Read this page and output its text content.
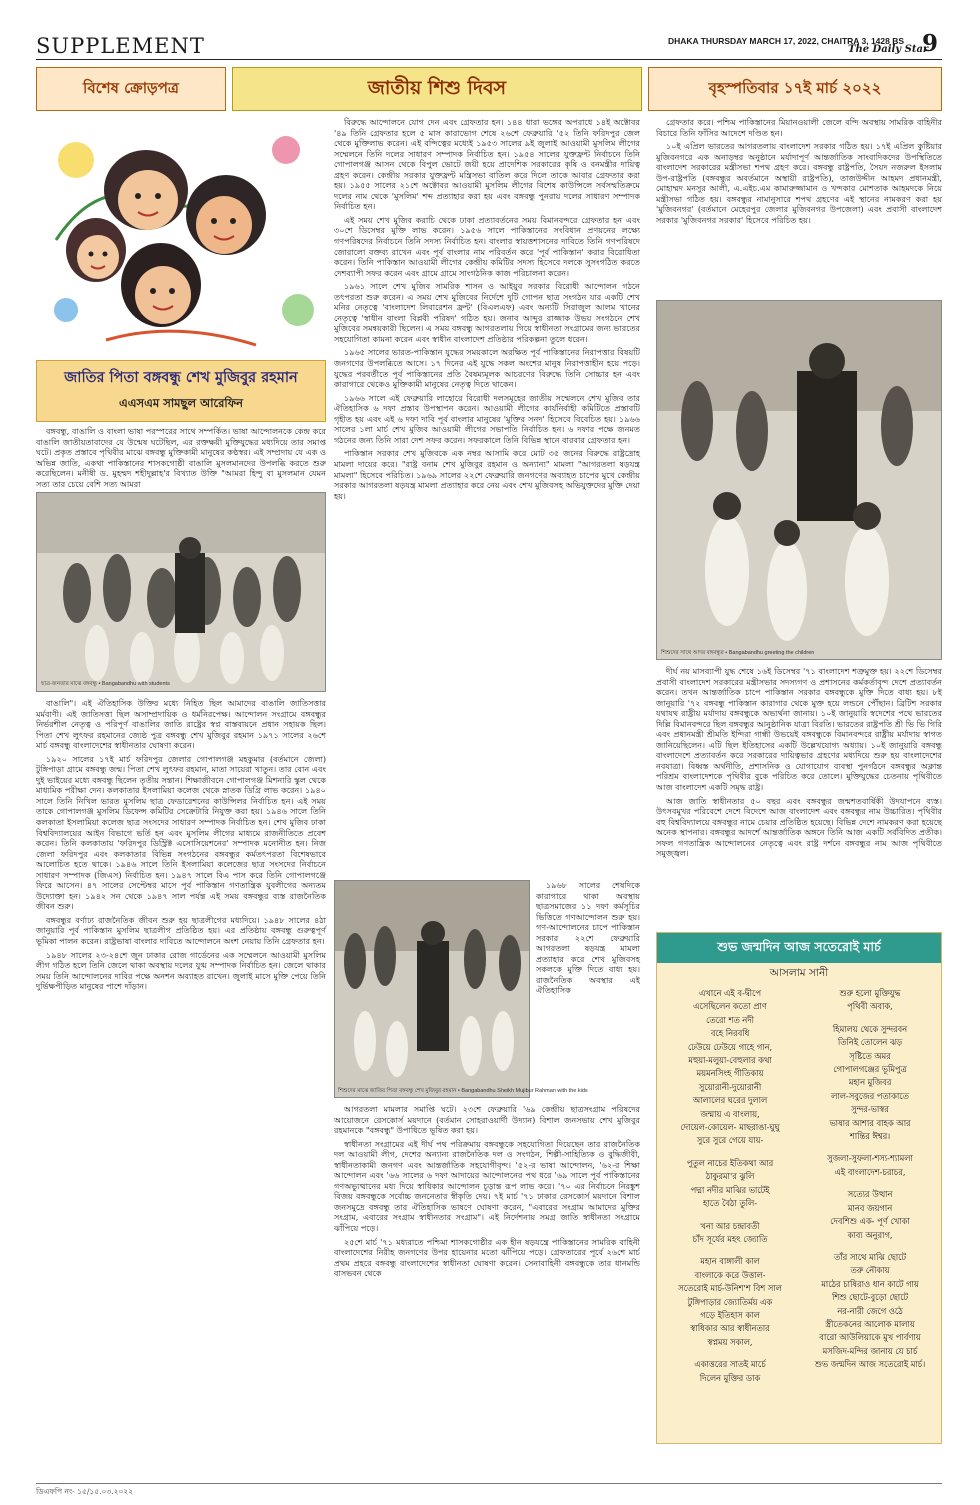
SUPPLEMENT	DHAKA THURSDAY MARCH 17, 2022, CHAITRA 3, 1428 BS
The Daily Star
9
বিশেষ ক্রোড়পত্র	জাতীয় শিশু দিবস	বৃহস্পতিবার ১৭ই মার্চ ২০২২
জাতির পিতা বঙ্গবন্ধু শেখ মুজিবুর রহমান
এএসএম সামছুল আরেফিন

বঙ্গবন্ধু, বাঙালি ও বাংলা ভাষা পরস্পরের সাথে সম্পর্কিত। ভাষা আন্দোলনকে কেন্দ্র করে বাঙালি জাতীয়তাবাদের যে উন্মেষ ঘটেছিল, এর রক্তক্ষয়ী মুক্তিযুদ্ধের মধ্যদিয়ে তার সমাপ্ত ঘটে। প্রকৃত প্রস্তাবে পৃথিবীর মাঝে বঙ্গবন্ধু মুক্তিকামী মানুষের কণ্ঠস্বর। এই সম্প্রদায় যে এক ও অভিন্ন জাতি, একথা পাকিস্তানের শাসকগোষ্ঠী বাঙালি মুসলমানদের উপলব্ধি করতে শুরু করেছিলেন। মনীষী ড. মুহম্মদ শহীদুল্লাহ'র বিখ্যাত উক্তি "আমরা হিন্দু বা মুসলমান যেমন সত্য তার চেয়ে বেশি সত্য আমরা

ছাত্র-জনতার মাঝে বঙ্গবন্ধু • Bangabandhu with students

বাঙালি"। এই ঐতিহাসিক উক্তির মধ্যে নিহিত ছিল আমাদের বাঙালি জাতিসত্তার মর্মবাণী। এই জাতিসত্তা ছিল অসাম্প্রদায়িক ও ধর্মনিরপেক্ষ। আন্দোলন সংগ্রামে বঙ্গবন্ধুর নির্ভরশীল নেতৃত্ব ও পরিপূর্ণ বাঙালির জাতি রাষ্ট্রের স্বপ্ন বাস্তবায়নে প্রধান সহায়ক ছিল। পিতা শেখ লুৎফর রহমানের জ্যেষ্ঠ পুত্র বঙ্গবন্ধু শেখ মুজিবুর রহমান ১৯৭১ সালের ২৬শে মার্চ বঙ্গবন্ধু বাংলাদেশের স্বাধীনতার ঘোষণা করেন।

১৯২০ সালের ১৭ই মার্চ ফরিদপুর জেলার গোপালগঞ্জ মহকুমার (বর্তমানে জেলা) টুঙ্গিপাড়া গ্রামে বঙ্গবন্ধু জন্ম। পিতা শেখ লুৎফর রহমান, মাতা সায়েরা খাতুন। তার বোন এবং দুই ভাইয়ের মধ্যে বঙ্গবন্ধু ছিলেন তৃতীয় সন্তান। শিক্ষাজীবনে গোপালগঞ্জ মিশনারি স্কুল থেকে মাধ্যমিক পরীক্ষা দেন। কলকাতার ইসলামিয়া কলেজ থেকে স্নাতক ডিগ্রি লাভ করেন। ১৯৪০ সালে তিনি নিখিল ভারত মুসলিম ছাত্র ফেডারেশনের কাউন্সিলর নির্বাচিত হন। এই সময় তাকে গোপালগঞ্জ মুসলিম ডিফেন্স কমিটির সেক্রেটারি নিযুক্ত করা হয়। ১৯৪৬ সালে তিনি কলকাতা ইসলামিয়া কলেজ ছাত্র সংসদের সাধারণ সম্পাদক নির্বাচিত হন। শেখ মুজিব ঢাকা বিশ্ববিদ্যালয়ের আইন বিভাগে ভর্তি হন এবং মুসলিম লীগের মাধ্যমে রাজনীতিতে প্রবেশ করেন। তিনি কলকাতায় 'ফরিদপুর ডিস্ট্রিক্ট এসোসিয়েশনের' সম্পাদক মনোনীত হন। নিজ জেলা ফরিদপুর এবং কলকাতার বিভিন্ন সংগঠনের বঙ্গবন্ধুর কর্মতৎপরতা বিশেষভাবে আলোচিত হতে থাকে। ১৯৪৬ সালে তিনি ইসলামিয়া কলেজের ছাত্র সংসদের নির্বাচনে সাধারণ সম্পাদক (জিএস) নির্বাচিত হন। ১৯৪৭ সালে বিএ পাস করে তিনি গোপালগঞ্জে ফিরে আসেন। ৪৭ সালের সেপ্টেম্বর মাসে পূর্ব পাকিস্তান গণতান্ত্রিক যুবলীগের অন্যতম উদ্যোক্তা হন। ১৯৪২ সন থেকে ১৯৪৭ সাল পর্যন্ত এই সময় বঙ্গবন্ধুর ব্যস্ত রাজনৈতিক জীবন শুরু।

বঙ্গবন্ধুর বর্ণাঢ্য রাজনৈতিক জীবন শুরু হয় ছাত্রলীগের মধ্যদিয়ে। ১৯৪৮ সালের ৪ঠা জানুয়ারি পূর্ব পাকিস্তান মুসলিম ছাত্রলীগ প্রতিষ্ঠিত হয়। এর প্রতিষ্ঠায় বঙ্গবন্ধু গুরুত্বপূর্ণ ভূমিকা পালন করেন। রাষ্ট্রভাষা বাংলার দাবিতে আন্দোলনে অংশ নেয়ায় তিনি গ্রেফতার হন।

১৯৪৮ সালের ২৩-২৪শে জুন ঢাকার রোজ গার্ডেনের এক সম্মেলনে আওয়ামী মুসলিম লীগ গঠিত হলে তিনি জেলে থাকা অবস্থায় দলের যুগ্ম সম্পাদক নির্বাচিত হন। জেলে থাকার সময় তিনি আন্দোলনের দাবির পক্ষে অনশন অব্যাহত রাখেন। জুলাই মাসে মুক্তি পেয়ে তিনি দুর্ভিক্ষপীড়িত মানুষের পাশে দাঁড়ান।

বিরুদ্ধে আন্দোলনে যোগ দেন এবং গ্রেফতার হন। ১৪৪ ধারা ভঙ্গের অপরাধে ১৪ই অক্টোবর '৪৯ তিনি গ্রেফতার হলে ৫ মাস কারাভোগ শেষে ২৬শে ফেব্রুয়ারি '৫২ তিনি ফরিদপুর জেল থেকে মুক্তিলাভ করেন। এই বন্দিত্বের মধ্যেই ১৯৫৩ সালের ৯ই জুলাই আওয়ামী মুসলিম লীগের সম্মেলনে তিনি দলের সাধারণ সম্পাদক নির্বাচিত হন। ১৯৫৪ সালের যুক্তফ্রন্ট নির্বাচনে তিনি গোপালগঞ্জ আসন থেকে বিপুল ভোটে জয়ী হয়ে প্রাদেশিক সরকারের কৃষি ও বনমন্ত্রীর দায়িত্ব গ্রহণ করেন। কেন্দ্রীয় সরকার যুক্তফ্রন্ট মন্ত্রিসভা বাতিল করে দিলে তাকে আবার গ্রেফতার করা হয়। ১৯৫৫ সালের ২১শে অক্টোবর আওয়ামী মুসলিম লীগের বিশেষ কাউন্সিলে সর্বসম্মতিক্রমে দলের নাম থেকে 'মুসলিম' শব্দ প্রত্যাহার করা হয় এবং বঙ্গবন্ধু পুনরায় দলের সাধারণ সম্পাদক নির্বাচিত হন।

এই সময় শেখ মুজিব করাচি থেকে ঢাকা প্রত্যাবর্তনের সময় বিমানবন্দরে গ্রেফতার হন এবং ৩০শে ডিসেম্বর মুক্তি লাভ করেন। ১৯৫৬ সালে পাকিস্তানের সংবিধান প্রণয়নের লক্ষ্যে গণপরিষদের নির্বাচনে তিনি সদস্য নির্বাচিত হন। বাংলার স্বায়ত্তশাসনের দাবিতে তিনি গণপরিষদে জোরালো বক্তব্য রাখেন এবং পূর্ব বাংলার নাম পরিবর্তন করে 'পূর্ব পাকিস্তান' করার বিরোধিতা করেন। তিনি পাকিস্তান আওয়ামী লীগের কেন্দ্রীয় কমিটির সদস্য হিসেবে দলকে সুসংগঠিত করতে দেশব্যাপী সফর করেন এবং গ্রামে গ্রামে সাংগঠনিক কাজ পরিচালনা করেন।

১৯৬১ সালে শেখ মুজিব সামরিক শাসন ও আইয়ুব সরকার বিরোধী আন্দোলন গঠনে তৎপরতা শুরু করেন। এ সময় শেখ মুজিবের নির্দেশে দুটি গোপন ছাত্র সংগঠন যার একটি শেখ মনির নেতৃত্বে 'বাংলাদেশ লিবারেশন ফ্রন্ট' (বিএলএফ) এবং অন্যটি সিরাজুল আলম খানের নেতৃত্বে 'স্বাধীন বাংলা বিপ্লবী পরিষদ' গঠিত হয়। জনাব আব্দুর রাজ্জাক উভয় সংগঠনে শেখ মুজিবের সমন্বয়কারী ছিলেন। এ সময় বঙ্গবন্ধু আগরতলায় গিয়ে স্বাধীনতা সংগ্রামের জন্য ভারতের সহযোগিতা কামনা করেন এবং স্বাধীন বাংলাদেশ প্রতিষ্ঠার পরিকল্পনা তুলে ধরেন।

১৯৬৫ সালের ভারত-পাকিস্তান যুদ্ধের সময়কালে অরক্ষিত পূর্ব পাকিস্তানের নিরাপত্তার বিষয়টি জনগণের উপলব্ধিতে আসে। ১৭ দিনের এই যুদ্ধে সকল অংশের মানুষ নিরাপত্তাহীন হয়ে পড়ে। যুদ্ধের পরবর্তীতে পূর্ব পাকিস্তানের প্রতি বৈষম্যমূলক আচরণের বিরুদ্ধে তিনি সোচ্চার হন এবং কারাগারে থেকেও মুক্তিকামী মানুষের নেতৃত্ব দিতে থাকেন।

১৯৬৬ সালে এই ফেব্রুয়ারি লাহোরে বিরোধী দলসমূহের জাতীয় সম্মেলনে শেখ মুজিব তার ঐতিহাসিক ৬ দফা প্রস্তাব উপস্থাপন করেন। আওয়ামী লীগের কার্যনির্বাহী কমিটিতে প্রস্তাবটি গৃহীত হয় এবং এই ৬ দফা দাবি পূর্ব বাংলার মানুষের 'মুক্তির সনদ' হিসেবে বিবেচিত হয়। ১৯৬৬ সালের ১লা মার্চ শেখ মুজিব আওয়ামী লীগের সভাপতি নির্বাচিত হন। ৬ দফার পক্ষে জনমত গঠনের জন্য তিনি সারা দেশ সফর করেন। সফরকালে তিনি বিভিন্ন স্থানে বারবার গ্রেফতার হন।

পাকিস্তান সরকার শেখ মুজিবকে এক নম্বর আসামি করে মোট ৩৫ জনের বিরুদ্ধে রাষ্ট্রদ্রোহ মামলা দায়ের করে। "রাষ্ট্র বনাম শেখ মুজিবুর রহমান ও অন্যান্য" মামলা "আগরতলা ষড়যন্ত্র মামলা" হিসেবে পরিচিত। ১৯৬৯ সালের ২২শে ফেব্রুয়ারি জনগণের অব্যাহত চাপের মুখে কেন্দ্রীয় সরকার আগরতলা ষড়যন্ত্র মামলা প্রত্যাহার করে নেয় এবং শেখ মুজিবসহ অভিযুক্তদের মুক্তি দেয়া হয়।

১৯৬৮ সালের শেষদিকে কারাগারে থাকা অবস্থায় ছাত্রসমাজের ১১ দফা কর্মসূচির ভিত্তিতে গণআন্দোলন শুরু হয়। গণ-আন্দোলনের চাপে পাকিস্তান সরকার ২২শে ফেব্রুয়ারি আগরতলা ষড়যন্ত্র মামলা প্রত্যাহার করে শেখ মুজিবসহ সকলকে মুক্তি দিতে বাধ্য হয়। রাজনৈতিক অবস্থার এই ঐতিহাসিক

শিশুদের মাঝে জাতির পিতা বঙ্গবন্ধু শেখ মুজিবুর রহমান • Bangabandhu Sheikh Mujibur Rahman with the kids

আগরতলা মামলার সমাপ্তি ঘটে। ২৩শে ফেব্রুয়ারি '৬৯ কেন্দ্রীয় ছাত্রসংগ্রাম পরিষদের আয়োজনে রেসকোর্স ময়দানে (বর্তমান সোহরাওয়ার্দী উদ্যান) বিশাল জনসভায় শেখ মুজিবুর রহমানকে "বঙ্গবন্ধু" উপাধিতে ভূষিত করা হয়।

স্বাধীনতা সংগ্রামের এই দীর্ঘ পথ পরিক্রমায় বঙ্গবন্ধুকে সহযোগিতা দিয়েছেন তার রাজনৈতিক দল আওয়ামী লীগ, দেশের অন্যান্য রাজনৈতিক দল ও সংগঠন, শিল্পী-সাহিত্যিক ও বুদ্ধিজীবী, স্বাধীনতাকামী জনগণ এবং আন্তর্জাতিক সহযোগীবৃন্দ। '৫২-র ভাষা আন্দোলন, '৬২-র শিক্ষা আন্দোলন এবং '৬৬ সালের ৬ দফা আদায়ের আন্দোলনের পথ ধরে '৬৯ সালে পূর্ব পাকিস্তানের গণঅভ্যুত্থানের মধ্য দিয়ে স্বাধিকার আন্দোলন চূড়ান্ত রূপ লাভ করে। '৭০ এর নির্বাচনে নিরঙ্কুশ বিজয় বঙ্গবন্ধুকে সর্বোচ্চ জননেতার স্বীকৃতি দেয়। ৭ই মার্চ '৭১ ঢাকার রেসকোর্স ময়দানে বিশাল জনসমুদ্রে বঙ্গবন্ধু তার ঐতিহাসিক ভাষণে ঘোষণা করেন, "এবারের সংগ্রাম আমাদের মুক্তির সংগ্রাম, এবারের সংগ্রাম স্বাধীনতার সংগ্রাম"। এই নির্দেশনায় সমগ্র জাতি স্বাধীনতা সংগ্রামে ঝাঁপিয়ে পড়ে।

২৫শে মার্চ '৭১ মধ্যরাতে পশ্চিমা শাসকগোষ্ঠীর এক হীন ষড়যন্ত্রে পাকিস্তানের সামরিক বাহিনী বাংলাদেশের নিরীহ জনগণের উপর হায়েনার মতো ঝাঁপিয়ে পড়ে। গ্রেফতারের পূর্বে ২৬শে মার্চ প্রথম প্রহরে বঙ্গবন্ধু বাংলাদেশের স্বাধীনতা ঘোষণা করেন। সেনাবাহিনী বঙ্গবন্ধুকে তার ধানমন্ডি বাসভবন থেকে

গ্রেফতার করে। পশ্চিম পাকিস্তানের মিয়ানওয়ালী জেলে বন্দি অবস্থায় সামরিক বাহিনীর বিচারে তিনি ফাঁসির আদেশে দণ্ডিত হন।

১০ই এপ্রিল ভারতের আগরতলায় বাংলাদেশ সরকার গঠিত হয়। ১৭ই এপ্রিল কুষ্টিয়ার মুজিবনগরে এক অনাড়ম্বর অনুষ্ঠানে মর্যাদাপূর্ণ আন্তর্জাতিক সাংবাদিকদের উপস্থিতিতে বাংলাদেশ সরকারের মন্ত্রীসভা শপথ গ্রহণ করে। বঙ্গবন্ধু রাষ্ট্রপতি, সৈয়দ নজরুল ইসলাম উপ-রাষ্ট্রপতি (বঙ্গবন্ধুর অবর্তমানে অস্থায়ী রাষ্ট্রপতি), তাজউদ্দীন আহমদ প্রধানমন্ত্রী, মোহাম্মদ মনসুর আলী, এ.এইচ.এম কামারুজ্জামান ও খন্দকার মোশতাক আহমদকে নিয়ে মন্ত্রীসভা গঠিত হয়। বঙ্গবন্ধুর নামানুসারে শপথ গ্রহণের এই স্থানের নামকরণ করা হয় 'মুজিবনগর' (বর্তমানে মেহেরপুর জেলার মুজিবনগর উপজেলা) এবং প্রবাসী বাংলাদেশ সরকার 'মুজিবনগর সরকার' হিসেবে পরিচিত হয়।

শিশুদের সাথে আদর বঙ্গবন্ধুর • Bangabandhu greeting the children

দীর্ঘ নয় মাসব্যাপী যুদ্ধ শেষে ১৬ই ডিসেম্বর '৭১ বাংলাদেশ শত্রুমুক্ত হয়। ২২শে ডিসেম্বর প্রবাসী বাংলাদেশ সরকারের মন্ত্রীসভার সদস্যগণ ও প্রশাসনের কর্মকর্তাবৃন্দ দেশে প্রত্যাবর্তন করেন। তখন আন্তর্জাতিক চাপে পাকিস্তান সরকার বঙ্গবন্ধুকে মুক্তি দিতে বাধ্য হয়। ৮ই জানুয়ারি '৭২ বঙ্গবন্ধু পাকিস্তান কারাগার থেকে মুক্ত হয়ে লন্ডনে পৌঁছান। ব্রিটিশ সরকার যথাযথ রাষ্ট্রীয় মর্যাদায় বঙ্গবন্ধুকে অভ্যর্থনা জানায়। ১০ই জানুয়ারি স্বদেশের পথে ভারতের দিল্লি বিমানবন্দরে ছিল বঙ্গবন্ধুর আনুষ্ঠানিক যাত্রা বিরতি। ভারতের রাষ্ট্রপতি শ্রী ভি ভি গিরি এবং প্রধানমন্ত্রী শ্রীমতি ইন্দিরা গান্ধী উভয়েই বঙ্গবন্ধুকে বিমানবন্দরে রাষ্ট্রীয় মর্যাদায় স্বাগত জানিয়েছিলেন। এটি ছিল ইতিহাসের একটি উল্লেখযোগ্য অধ্যায়। ১০ই জানুয়ারি বঙ্গবন্ধু বাংলাদেশে প্রত্যাবর্তন করে সরকারের দায়িত্বভার গ্রহণের মধ্যদিয়ে শুরু হয় বাংলাদেশের নবযাত্রা। বিধ্বস্ত অর্থনীতি, প্রশাসনিক ও যোগাযোগ ব্যবস্থা পুনর্গঠনে বঙ্গবন্ধুর অক্লান্ত পরিশ্রম বাংলাদেশকে পৃথিবীর বুকে পরিচিত করে তোলে। মুক্তিযুদ্ধের চেতনায় পৃথিবীতে আজ বাংলাদেশ একটি সমৃদ্ধ রাষ্ট্র।

আজ জাতি স্বাধীনতার ৫০ বছর এবং বঙ্গবন্ধুর জন্মশতবার্ষিকী উদযাপনে ব্যস্ত। উৎসবমুখর পরিবেশে দেশে বিদেশে আজ বাংলাদেশ এবং বঙ্গবন্ধুর নাম উচ্চারিত। পৃথিবীর বহু বিশ্ববিদ্যালয়ে বঙ্গবন্ধুর নামে চেয়ার প্রতিষ্ঠিত হয়েছে। বিভিন্ন দেশে নামকরণ করা হয়েছে অনেক স্থাপনার। বঙ্গবন্ধুর আদর্শে আন্তর্জাতিক অঙ্গনে তিনি আজ একটি সর্ববিদিত প্রতীক। সফল গণতান্ত্রিক আন্দোলনের নেতৃত্বে এবং রাষ্ট্র দর্শনে বঙ্গবন্ধুর নাম আজ পৃথিবীতে সমুজ্জ্বল।

শুভ জন্মদিন আজ সতেরোই মার্চ
আসলাম সানী
এখানে এই ব-দ্বীপে
এসেছিলেন কতো প্রাণ
তেরো শত নদী
বহে নিরবধি
ঢেউয়ে ঢেউয়ে গাহে গান,
মহুয়া-মলুয়া-বেহুলার কথা
ময়মনসিংহ গীতিকায়
সুয়োরানী-দুয়োরানী
আলালের ঘরের দুলাল
জন্মায় এ বাংলায়,
দোয়েল-কোয়েল- মাছরাঙা-ঘুঘু
সুরে সুরে গেয়ে যায়-
পুতুল নাচের ইতিকথা আর
ঠাকুরমা'র ঝুলি
পদ্মা নদীর মাঝির ভাটেই
হাতে বৈঠা তুলি-
খনা আর চন্দ্রাবতী
চাঁদ সূর্যের মহৎ জ্যোতি
মহান বাঙ্গালী কাল
বাংলাকে করে উত্তাল-
সতেরোই মার্চ-উনিশ'শ বিশ সাল
টুঙ্গিপাড়ার জ্যোতির্ময় এক
গড়ে ইতিহাস কাল
স্বাধিকার আর স্বাধীনতার
স্বপ্নময় সকাল,
একাত্তরের সাতই মার্চে
দিলেন মুক্তির ডাক
শুরু হলো মুক্তিযুদ্ধ
পৃথিবী অবাক,
হিমালয় থেকে সুন্দরবন
তিনিই তোলেন ঝড়
সৃষ্টিতে অমর
গোপালগঞ্জের ভূমিপুত্র
মহান মুজিবর
লাল-সবুজের পতাকাতে
সুন্দর-ভাস্বর
ভাষার আশার বাহক আর
শান্তির ঈশ্বর।
সুজলা-সুফলা-শস্য-শ্যামলা
এই বাংলাদেশ-চরাচর,
সত্যের উত্থান
মানব জয়গান
দেবশিশু এক- পূর্ণ খোকা
কাব্য অনুরাগ,
তাঁর সাথে মাঝি ছোটে
তরু নৌকায়
মাঠের চাষিরাও ধান কাটে গায়
শিশু ছোটে-বুড়ো ছোটে
নর-নারী জেগে ওঠে
স্ত্রীতেকনের আলোক মালায়
বারো আউলিয়াকে মুখ পার্বণায়
মসজিদ-মন্দির জানায় যে চার্চ
শুভ জন্মদিন আজ সতেরোই মার্চ।
ডিএফপি নং- ১৫/১৫.০৩.২০২২
